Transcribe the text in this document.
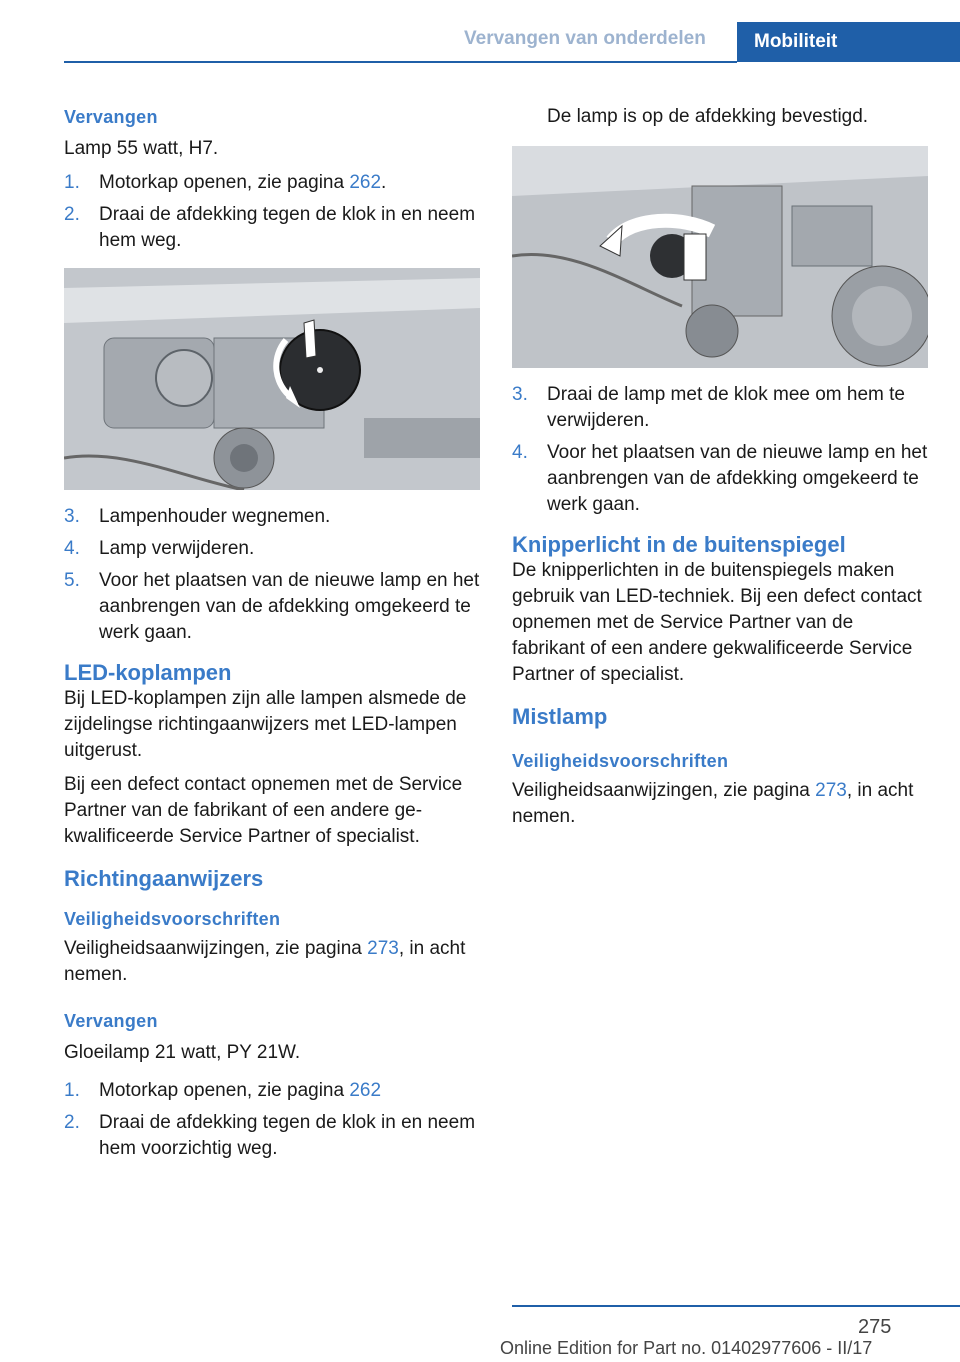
Vervangen van onderdelen	Mobiliteit
Vervangen

Lamp 55 watt, H7.

1.	Motorkap openen, zie pagina 262.
2.	Draai de afdekking tegen de klok in en neem hem weg.
3.	Lampenhouder wegnemen.
4.	Lamp verwijderen.
5.	Voor het plaatsen van de nieuwe lamp en het aanbrengen van de afdekking omgekeerd te werk gaan.
LED-koplampen

Bij LED-koplampen zijn alle lampen alsmede de zijdelingse richtingaanwijzers met LED-lampen uitgerust.

Bij een defect contact opnemen met de Service Partner van de fabrikant of een andere gekwalificeerde Service Partner of specialist.

Richtingaanwijzers
Veiligheidsvoorschriften

Veiligheidsaanwijzingen, zie pagina 273, in acht nemen.

Vervangen

Gloeilamp 21 watt, PY 21W.

1.	Motorkap openen, zie pagina 262
2.	Draai de afdekking tegen de klok in en neem hem voorzichtig weg.

De lamp is op de afdekking bevestigd.

3.	Draai de lamp met de klok mee om hem te verwijderen.
4.	Voor het plaatsen van de nieuwe lamp en het aanbrengen van de afdekking omgekeerd te werk gaan.
Knipperlicht in de buitenspiegel

De knipperlichten in de buitenspiegels maken gebruik van LED-techniek. Bij een defect contact opnemen met de Service Partner van de fabrikant of een andere gekwalificeerde Service Partner of specialist.

Mistlamp
Veiligheidsvoorschriften

Veiligheidsaanwijzingen, zie pagina 273, in acht nemen.

275
Online Edition for Part no. 01402977606 - II/17
